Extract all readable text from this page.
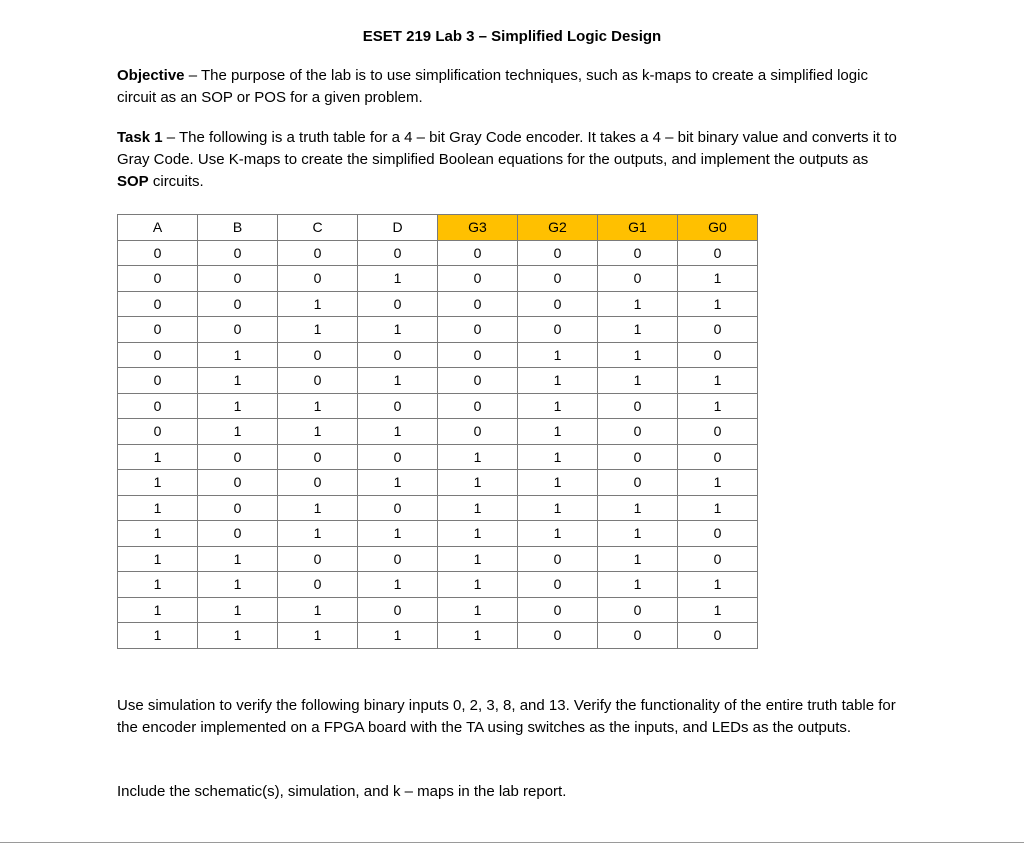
ESET 219 Lab 3 – Simplified Logic Design
Objective – The purpose of the lab is to use simplification techniques, such as k-maps to create a simplified logic circuit as an SOP or POS for a given problem.
Task 1 – The following is a truth table for a 4 – bit Gray Code encoder. It takes a 4 – bit binary value and converts it to Gray Code. Use K-maps to create the simplified Boolean equations for the outputs, and implement the outputs as SOP circuits.
A	B	C	D	G3	G2	G1	G0
0	0	0	0	0	0	0	0
0	0	0	1	0	0	0	1
0	0	1	0	0	0	1	1
0	0	1	1	0	0	1	0
0	1	0	0	0	1	1	0
0	1	0	1	0	1	1	1
0	1	1	0	0	1	0	1
0	1	1	1	0	1	0	0
1	0	0	0	1	1	0	0
1	0	0	1	1	1	0	1
1	0	1	0	1	1	1	1
1	0	1	1	1	1	1	0
1	1	0	0	1	0	1	0
1	1	0	1	1	0	1	1
1	1	1	0	1	0	0	1
1	1	1	1	1	0	0	0
Use simulation to verify the following binary inputs 0, 2, 3, 8, and 13. Verify the functionality of the entire truth table for the encoder implemented on a FPGA board with the TA using switches as the inputs, and LEDs as the outputs.
Include the schematic(s), simulation, and k – maps in the lab report.
